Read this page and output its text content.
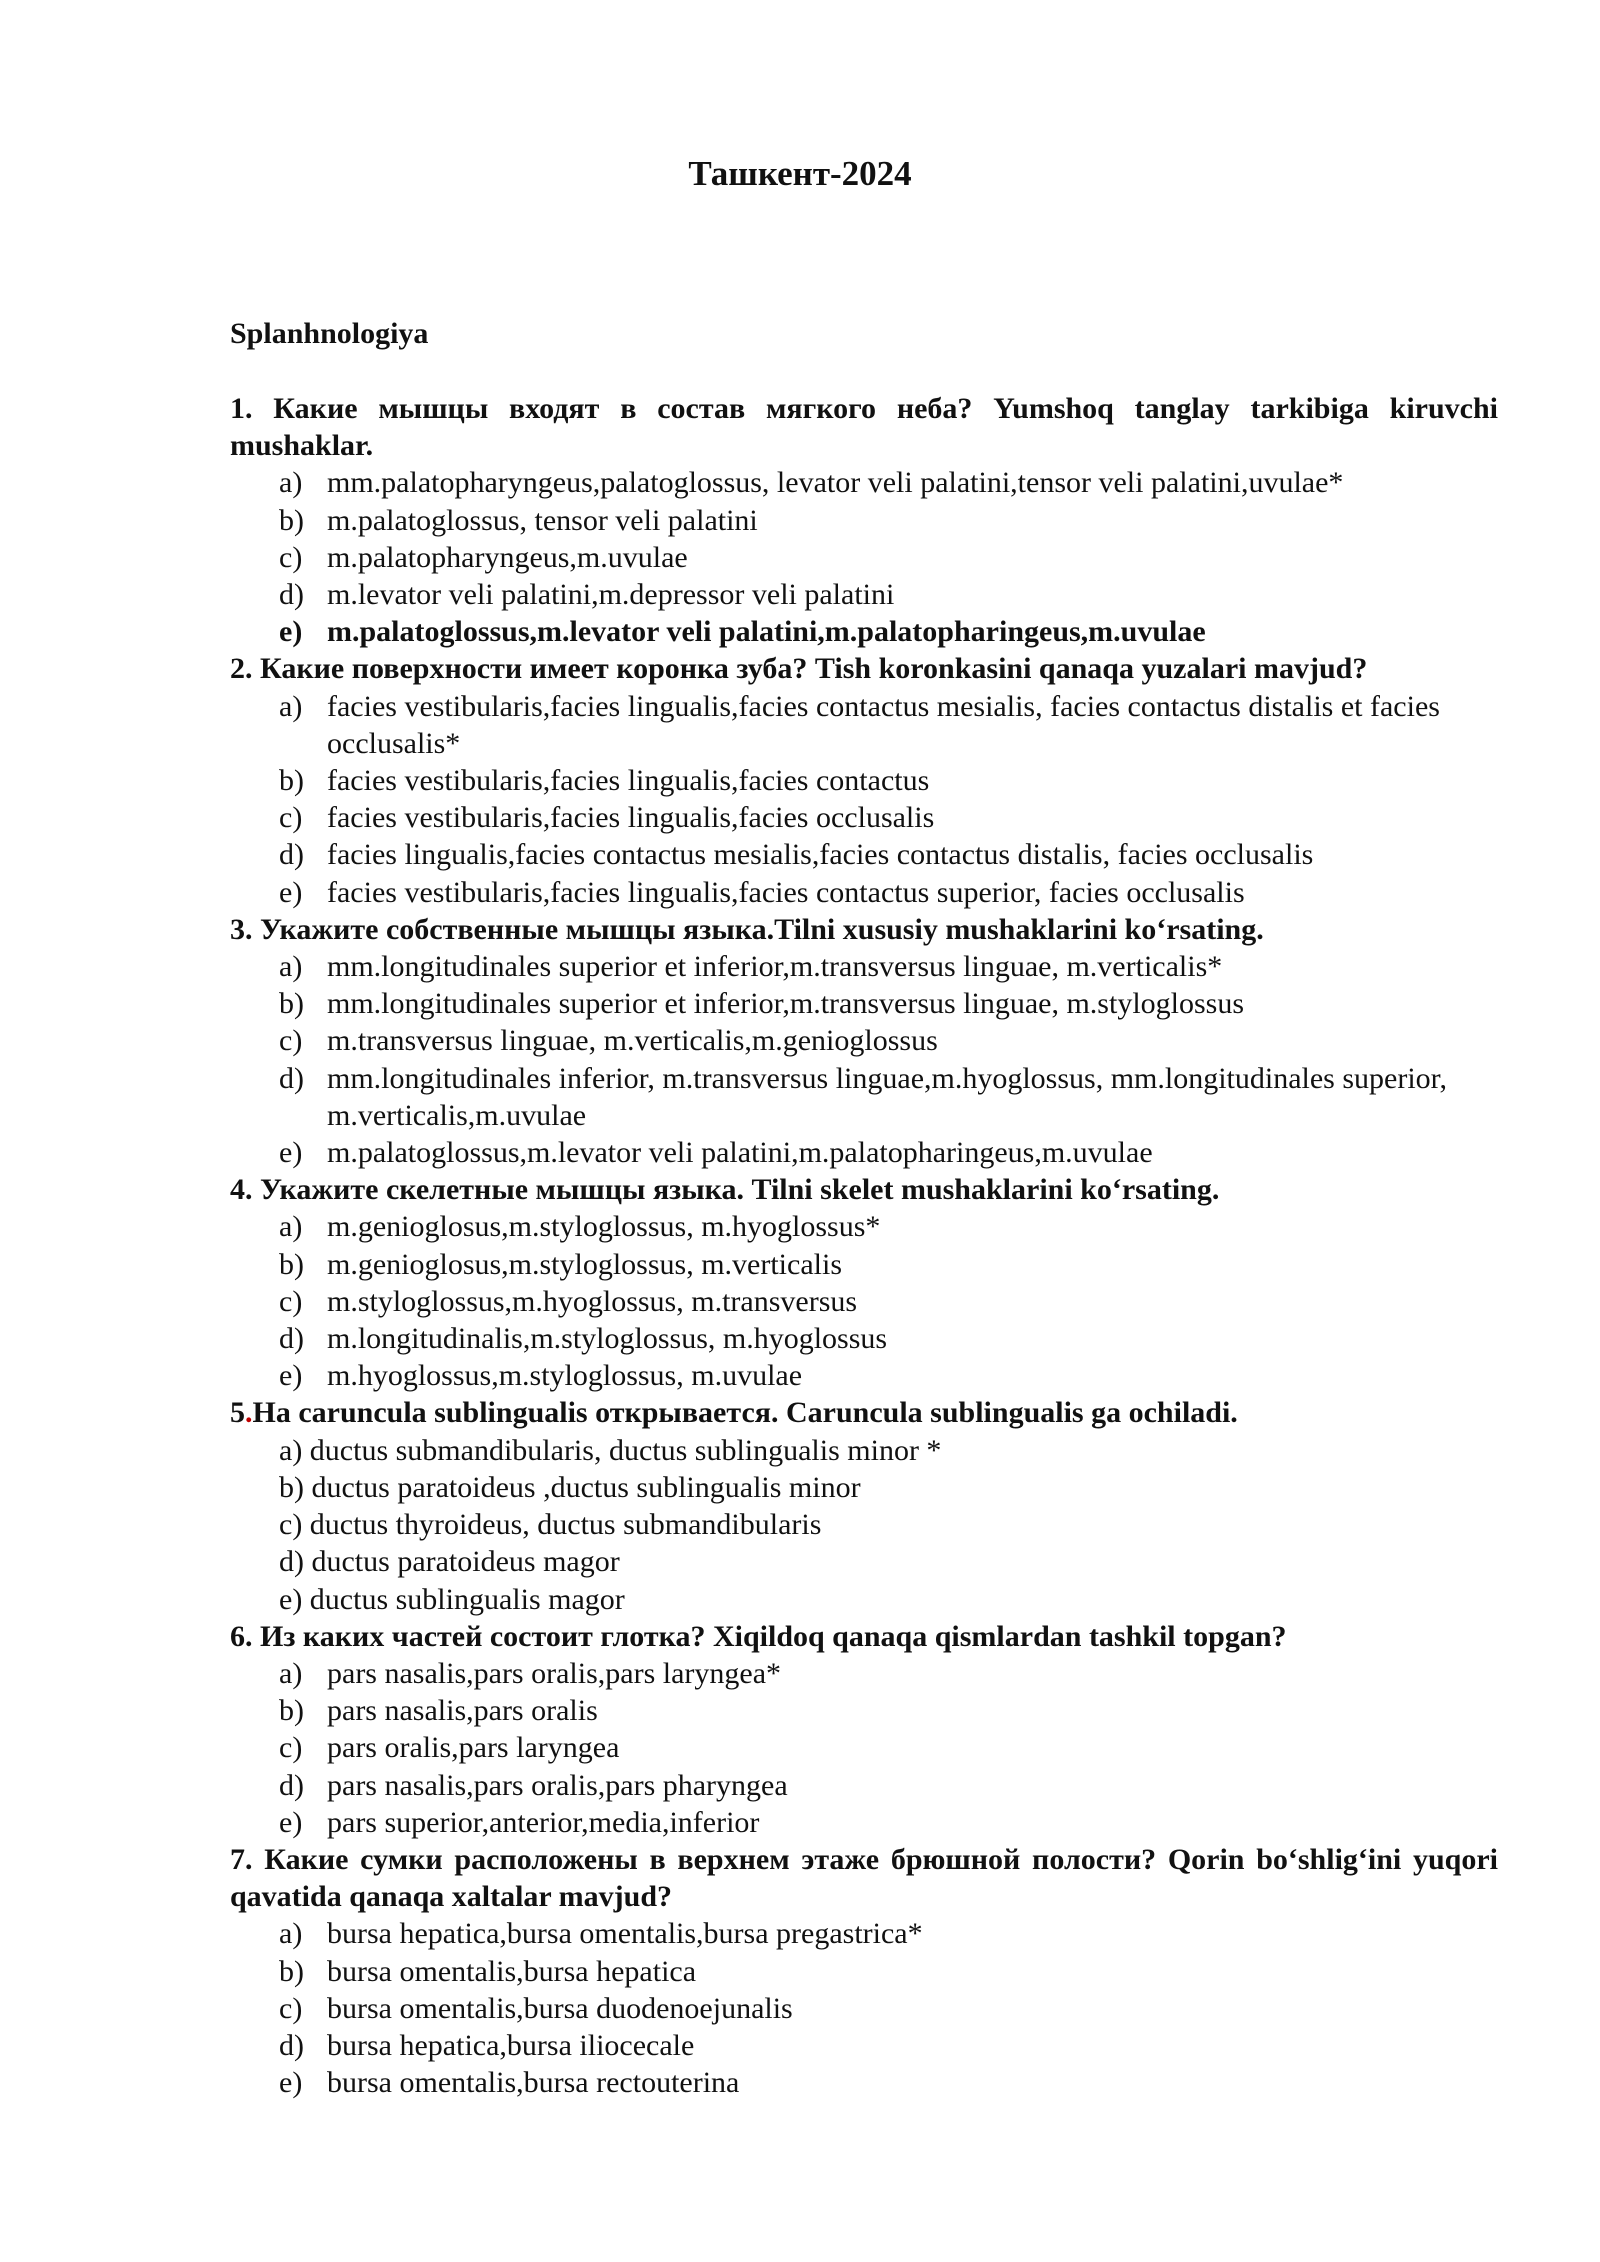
Ташкент-2024
Splanhnologiya
1. Какие мышцы входят в состав мягкого неба? Yumshoq tanglay tarkibiga kiruvchi mushaklar.
a) mm.palatopharyngeus,palatoglossus, levator veli palatini,tensor veli palatini,uvulae*
b) m.palatoglossus, tensor veli palatini
c) m.palatopharyngeus,m.uvulae
d) m.levator veli palatini,m.depressor veli palatini
e) m.palatoglossus,m.levator veli palatini,m.palatopharingeus,m.uvulae
2. Какие поверхности имеет коронка зуба? Tish koronkasini qanaqa yuzalari mavjud?
a) facies vestibularis,facies lingualis,facies contactus mesialis, facies contactus distalis et facies occlusalis*
b) facies vestibularis,facies lingualis,facies contactus
c) facies vestibularis,facies lingualis,facies occlusalis
d) facies lingualis,facies contactus mesialis,facies contactus distalis, facies occlusalis
e) facies vestibularis,facies lingualis,facies contactus superior, facies occlusalis
3. Укажите собственные мышцы языка.Tilni xususiy mushaklarini ko‘rsating.
a) mm.longitudinales superior et inferior,m.transversus linguae, m.verticalis*
b) mm.longitudinales superior et inferior,m.transversus linguae, m.styloglossus
c) m.transversus linguae, m.verticalis,m.genioglossus
d) mm.longitudinales inferior, m.transversus linguae,m.hyoglossus, mm.longitudinales superior, m.verticalis,m.uvulae
e) m.palatoglossus,m.levator veli palatini,m.palatopharingeus,m.uvulae
4. Укажите скелетные мышцы языка. Tilni skelet mushaklarini ko‘rsating.
a) m.genioglosus,m.styloglossus, m.hyoglossus*
b) m.genioglosus,m.styloglossus, m.verticalis
c) m.styloglossus,m.hyoglossus, m.transversus
d) m.longitudinalis,m.styloglossus, m.hyoglossus
e) m.hyoglossus,m.styloglossus, m.uvulae
5.На caruncula sublingualis открывается. Caruncula sublingualis ga ochiladi.
a) ductus submandibularis, ductus sublingualis minor *
b) ductus paratoideus ,ductus sublingualis minor
c) ductus thyroideus, ductus submandibularis
d) ductus paratoideus magor
e) ductus sublingualis magor
6. Из каких частей состоит глотка? Xiqildoq qanaqa qismlardan tashkil topgan?
a) pars nasalis,pars oralis,pars laryngea*
b) pars nasalis,pars oralis
c) pars oralis,pars laryngea
d) pars nasalis,pars oralis,pars pharyngea
e) pars superior,anterior,media,inferior
7. Какие сумки расположены в верхнем этаже брюшной полости? Qorin bo‘shlig‘ini yuqori qavatida qanaqa xaltalar mavjud?
a) bursa hepatica,bursa omentalis,bursa pregastrica*
b) bursa omentalis,bursa hepatica
c) bursa omentalis,bursa duodenoejunalis
d) bursa hepatica,bursa iliocecale
e) bursa omentalis,bursa rectouterina
